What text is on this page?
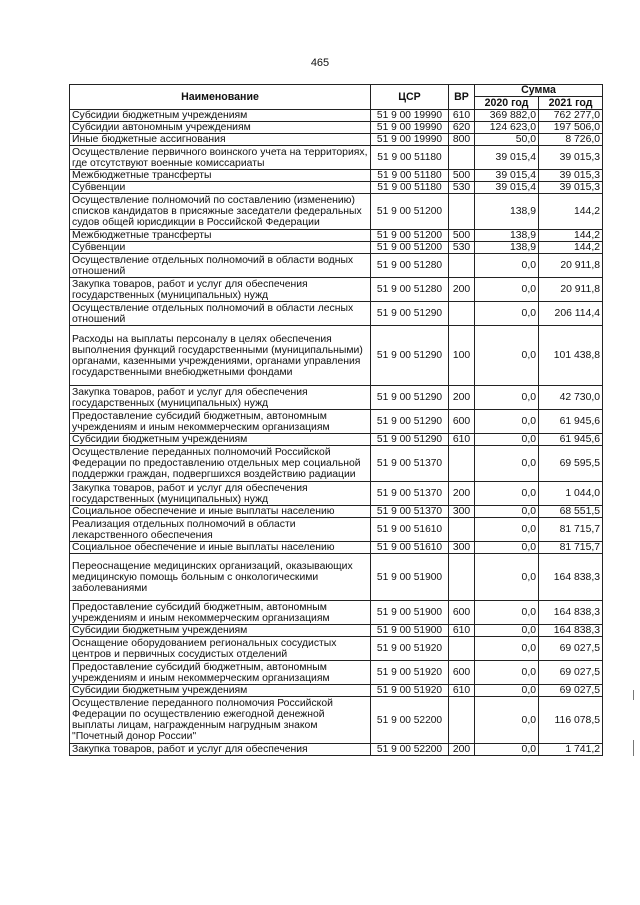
465
Наименование	ЦСР	ВР	Сумма	
			2020 год	2021 год
Субсидии бюджетным учреждениям	51 9 00 19990	610	369 882,0	762 277,0
Субсидии автономным учреждениям	51 9 00 19990	620	124 623,0	197 506,0
Иные бюджетные ассигнования	51 9 00 19990	800	50,0	8 726,0
Осуществление первичного воинского учета на территориях, где отсутствуют военные комиссариаты	51 9 00 51180		39 015,4	39 015,3
Межбюджетные трансферты	51 9 00 51180	500	39 015,4	39 015,3
Субвенции	51 9 00 51180	530	39 015,4	39 015,3
Осуществление полномочий по составлению (изменению) списков кандидатов в присяжные заседатели федеральных судов общей юрисдикции в Российской Федерации	51 9 00 51200		138,9	144,2
Межбюджетные трансферты	51 9 00 51200	500	138,9	144,2
Субвенции	51 9 00 51200	530	138,9	144,2
Осуществление отдельных полномочий в области водных отношений	51 9 00 51280		0,0	20 911,8
Закупка товаров, работ и услуг для обеспечения государственных (муниципальных) нужд	51 9 00 51280	200	0,0	20 911,8
Осуществление отдельных полномочий в области лесных отношений	51 9 00 51290		0,0	206 114,4
Расходы на выплаты персоналу в целях обеспечения выполнения функций государственными (муниципальными) органами, казенными учреждениями, органами управления государственными внебюджетными фондами	51 9 00 51290	100	0,0	101 438,8
Закупка товаров, работ и услуг для обеспечения государственных (муниципальных) нужд	51 9 00 51290	200	0,0	42 730,0
Предоставление субсидий бюджетным, автономным учреждениям и иным некоммерческим организациям	51 9 00 51290	600	0,0	61 945,6
Субсидии бюджетным учреждениям	51 9 00 51290	610	0,0	61 945,6
Осуществление переданных полномочий Российской Федерации по предоставлению отдельных мер социальной поддержки граждан, подвергшихся воздействию радиации	51 9 00 51370		0,0	69 595,5
Закупка товаров, работ и услуг для обеспечения государственных (муниципальных) нужд	51 9 00 51370	200	0,0	1 044,0
Социальное обеспечение и иные выплаты населению	51 9 00 51370	300	0,0	68 551,5
Реализация отдельных полномочий в области лекарственного обеспечения	51 9 00 51610		0,0	81 715,7
Социальное обеспечение и иные выплаты населению	51 9 00 51610	300	0,0	81 715,7
Переоснащение медицинских организаций, оказывающих медицинскую помощь больным с онкологическими заболеваниями	51 9 00 51900		0,0	164 838,3
Предоставление субсидий бюджетным, автономным учреждениям и иным некоммерческим организациям	51 9 00 51900	600	0,0	164 838,3
Субсидии бюджетным учреждениям	51 9 00 51900	610	0,0	164 838,3
Оснащение оборудованием региональных сосудистых центров и первичных сосудистых отделений	51 9 00 51920		0,0	69 027,5
Предоставление субсидий бюджетным, автономным учреждениям и иным некоммерческим организациям	51 9 00 51920	600	0,0	69 027,5
Субсидии бюджетным учреждениям	51 9 00 51920	610	0,0	69 027,5
Осуществление переданного полномочия Российской Федерации по осуществлению ежегодной денежной выплаты лицам, награжденным нагрудным знаком "Почетный донор России"	51 9 00 52200		0,0	116 078,5
Закупка товаров, работ и услуг для обеспечения	51 9 00 52200	200	0,0	1 741,2
